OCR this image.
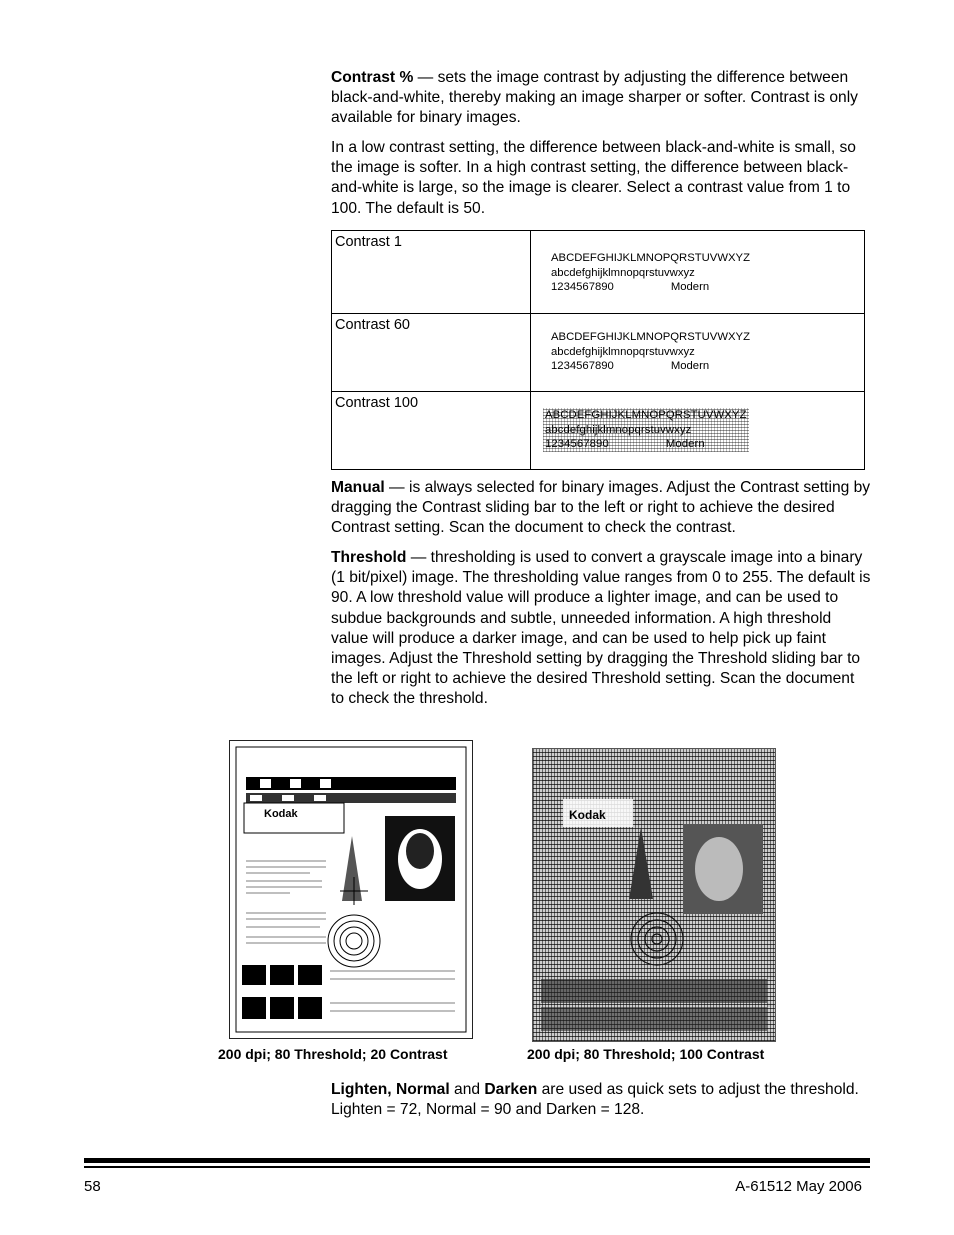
Contrast % — sets the image contrast by adjusting the difference between black-and-white, thereby making an image sharper or softer. Contrast is only available for binary images.

In a low contrast setting, the difference between black-and-white is small, so the image is softer. In a high contrast setting, the difference between black-and-white is large, so the image is clearer. Select a contrast value from 1 to 100. The default is 50.

Contrast 1	ABCDEFGHIJKLMNOPQRSTUVWXYZ
abcdefghijklmnopqrstuvwxyz
1234567890 Modern

Contrast 60	ABCDEFGHIJKLMNOPQRSTUVWXYZ
abcdefghijklmnopqrstuvwxyz
1234567890 Modern

Contrast 100	ABCDEFGHIJKLMNOPQRSTUVWXYZ
abcdefghijklmnopqrstuvwxyz
1234567890 Modern

Manual — is always selected for binary images. Adjust the Contrast setting by dragging the Contrast sliding bar to the left or right to achieve the desired Contrast setting. Scan the document to check the contrast.

Threshold — thresholding is used to convert a grayscale image into a binary (1 bit/pixel) image. The thresholding value ranges from 0 to 255. The default is 90. A low threshold value will produce a lighter image, and can be used to subdue backgrounds and subtle, unneeded information. A high threshold value will produce a darker image, and can be used to help pick up faint images. Adjust the Threshold setting by dragging the Threshold sliding bar to the left or right to achieve the desired Threshold setting. Scan the document to check the threshold.

Kodak	Kodak
200 dpi; 80 Threshold; 20 Contrast	200 dpi; 80 Threshold; 100 Contrast

Lighten, Normal and Darken are used as quick sets to adjust the threshold. Lighten = 72, Normal = 90 and Darken = 128.

58	A-61512 May 2006
